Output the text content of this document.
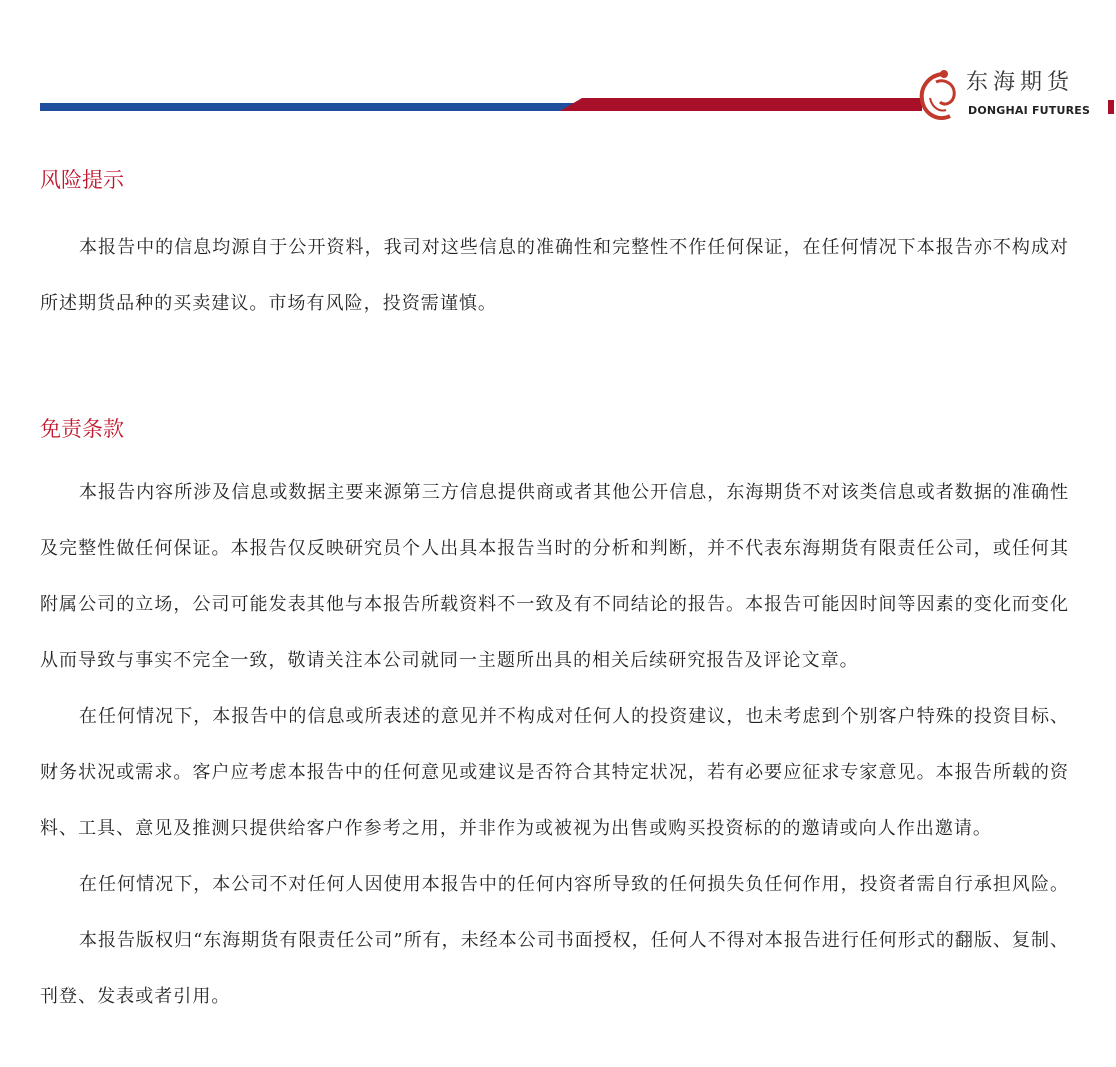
东海期货
DONGHAI FUTURES
风险提示
本报告中的信息均源自于公开资料，我司对这些信息的准确性和完整性不作任何保证，在任何情况下本报告亦不构成对
所述期货品种的买卖建议。市场有风险，投资需谨慎。
免责条款
本报告内容所涉及信息或数据主要来源第三方信息提供商或者其他公开信息，东海期货不对该类信息或者数据的准确性
及完整性做任何保证。本报告仅反映研究员个人出具本报告当时的分析和判断，并不代表东海期货有限责任公司，或任何其
附属公司的立场，公司可能发表其他与本报告所载资料不一致及有不同结论的报告。本报告可能因时间等因素的变化而变化
从而导致与事实不完全一致，敬请关注本公司就同一主题所出具的相关后续研究报告及评论文章。
在任何情况下，本报告中的信息或所表述的意见并不构成对任何人的投资建议，也未考虑到个别客户特殊的投资目标、
财务状况或需求。客户应考虑本报告中的任何意见或建议是否符合其特定状况，若有必要应征求专家意见。本报告所载的资
料、工具、意见及推测只提供给客户作参考之用，并非作为或被视为出售或购买投资标的的邀请或向人作出邀请。
在任何情况下，本公司不对任何人因使用本报告中的任何内容所导致的任何损失负任何作用，投资者需自行承担风险。
本报告版权归“东海期货有限责任公司”所有，未经本公司书面授权，任何人不得对本报告进行任何形式的翻版、复制、
刊登、发表或者引用。
